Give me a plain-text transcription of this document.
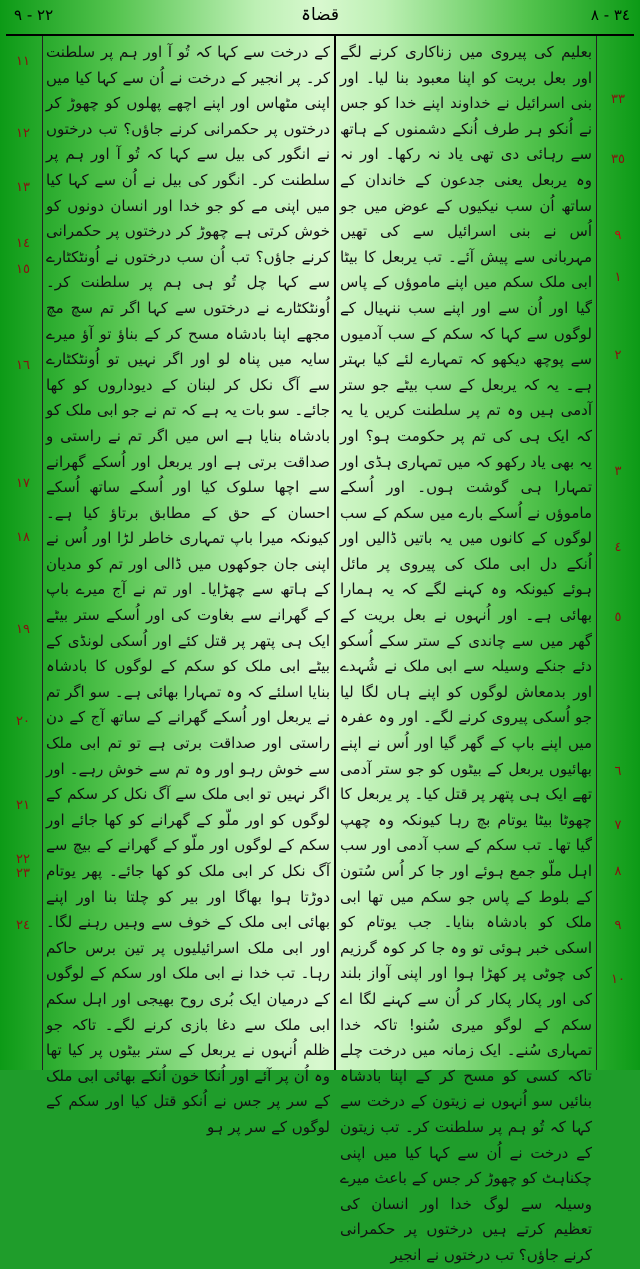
٢٢ - ٩	قضاۃ	٣٤ - ٨
١١
١٢
١٣
١٤
١٥
١٦
١٧
١٨
١٩
٢٠
٢١
٢٢
٢٣
٢٤
٣٣
٣٥
٩
١
٢
٣
٤
٥
٦
٧
٨
٩
١٠

کے درخت سے کہا کہ تُو آ اور ہم پر سلطنت کر۔ پر انجیر کے درخت نے اُن سے کہا کیا میں اپنی مٹھاس اور اپنے اچھے پھلوں کو چھوڑ کر درختوں پر حکمرانی کرنے جاؤں؟ تب درختوں نے انگور کی بیل سے کہا کہ تُو آ اور ہم پر سلطنت کر۔ انگور کی بیل نے اُن سے کہا کیا میں اپنی مے کو جو خدا اور انسان دونوں کو خوش کرتی ہے چھوڑ کر درختوں پر حکمرانی کرنے جاؤں؟ تب اُن سب درختوں نے اُونٹکٹارے سے کہا چل تُو ہی ہم پر سلطنت کر۔ اُونٹکٹارے نے درختوں سے کہا اگر تم سچ مچ مجھے اپنا بادشاہ مسح کر کے بناؤ تو آؤ میرے سایہ میں پناہ لو اور اگر نہیں تو اُونٹکٹارے سے آگ نکل کر لبنان کے دیوداروں کو کھا جائے۔ سو بات یہ ہے کہ تم نے جو ابی ملک کو بادشاہ بنایا ہے اس میں اگر تم نے راستی و صداقت برتی ہے اور یربعل اور اُسکے گھرانے سے اچھا سلوک کیا اور اُسکے ساتھ اُسکے احسان کے حق کے مطابق برتاؤ کیا ہے۔ کیونکہ میرا باپ تمہاری خاطر لڑا اور اُس نے اپنی جان جوکھوں میں ڈالی اور تم کو مدیان کے ہاتھ سے چھڑایا۔ اور تم نے آج میرے باپ کے گھرانے سے بغاوت کی اور اُسکے ستر بیٹے ایک ہی پتھر پر قتل کئے اور اُسکی لونڈی کے بیٹے ابی ملک کو سکم کے لوگوں کا بادشاہ بنایا اسلئے کہ وہ تمہارا بھائی ہے۔ سو اگر تم نے یربعل اور اُسکے گھرانے کے ساتھ آج کے دن راستی اور صداقت برتی ہے تو تم ابی ملک سے خوش رہو اور وہ تم سے خوش رہے۔ اور اگر نہیں تو ابی ملک سے آگ نکل کر سکم کے لوگوں کو اور ملّو کے گھرانے کو کھا جائے اور سکم کے لوگوں اور ملّو کے گھرانے کے بیچ سے آگ نکل کر ابی ملک کو کھا جائے۔ پھر یوتام دوڑتا ہوا بھاگا اور بیر کو چلتا بنا اور اپنے بھائی ابی ملک کے خوف سے وہیں رہنے لگا۔ اور ابی ملک اسرائیلیوں پر تین برس حاکم رہا۔ تب خدا نے ابی ملک اور سکم کے لوگوں کے درمیان ایک بُری روح بھیجی اور اہل سکم ابی ملک سے دغا بازی کرنے لگے۔ تاکہ جو ظلم اُنہوں نے یربعل کے ستر بیٹوں پر کیا تھا وہ اُن پر آئے اور اُنکا خون اُنکے بھائی ابی ملک کے سر پر جس نے اُنکو قتل کیا اور سکم کے لوگوں کے سر پر ہو

بعلیم کی پیروی میں زناکاری کرنے لگے اور بعل بریت کو اپنا معبود بنا لیا۔ اور بنی اسرائیل نے خداوند اپنے خدا کو جس نے اُنکو ہر طرف اُنکے دشمنوں کے ہاتھ سے رہائی دی تھی یاد نہ رکھا۔ اور نہ وہ یربعل یعنی جدعون کے خاندان کے ساتھ اُن سب نیکیوں کے عوض میں جو اُس نے بنی اسرائیل سے کی تھیں مہربانی سے پیش آئے۔ تب یربعل کا بیٹا ابی ملک سکم میں اپنے ماموؤں کے پاس گیا اور اُن سے اور اپنے سب ننہیال کے لوگوں سے کہا کہ سکم کے سب آدمیوں سے پوچھ دیکھو کہ تمہارے لئے کیا بہتر ہے۔ یہ کہ یربعل کے سب بیٹے جو ستر آدمی ہیں وہ تم پر سلطنت کریں یا یہ کہ ایک ہی کی تم پر حکومت ہو؟ اور یہ بھی یاد رکھو کہ میں تمہاری ہڈی اور تمہارا ہی گوشت ہوں۔ اور اُسکے ماموؤں نے اُسکے بارے میں سکم کے سب لوگوں کے کانوں میں یہ باتیں ڈالیں اور اُنکے دل ابی ملک کی پیروی پر مائل ہوئے کیونکہ وہ کہنے لگے کہ یہ ہمارا بھائی ہے۔ اور اُنہوں نے بعل بریت کے گھر میں سے چاندی کے ستر سکے اُسکو دئے جنکے وسیلہ سے ابی ملک نے شُہدے اور بدمعاش لوگوں کو اپنے ہاں لگا لیا جو اُسکی پیروی کرنے لگے۔ اور وہ عفرہ میں اپنے باپ کے گھر گیا اور اُس نے اپنے بھائیوں یربعل کے بیٹوں کو جو ستر آدمی تھے ایک ہی پتھر پر قتل کیا۔ پر یربعل کا چھوٹا بیٹا یوتام بچ رہا کیونکہ وہ چھپ گیا تھا۔ تب سکم کے سب آدمی اور سب اہل ملّو جمع ہوئے اور جا کر اُس سُتون کے بلوط کے پاس جو سکم میں تھا ابی ملک کو بادشاہ بنایا۔ جب یوتام کو اسکی خبر ہوئی تو وہ جا کر کوہ گرزیم کی چوٹی پر کھڑا ہوا اور اپنی آواز بلند کی اور پکار پکار کر اُن سے کہنے لگا اے سکم کے لوگو میری سُنو! تاکہ خدا تمہاری سُنے۔ ایک زمانہ میں درخت چلے تاکہ کسی کو مسح کر کے اپنا بادشاہ بنائیں سو اُنہوں نے زیتون کے درخت سے کہا کہ تُو ہم پر سلطنت کر۔ تب زیتون کے درخت نے اُن سے کہا کیا میں اپنی چکناہٹ کو چھوڑ کر جس کے باعث میرے وسیلہ سے لوگ خدا اور انسان کی تعظیم کرتے ہیں درختوں پر حکمرانی کرنے جاؤں؟ تب درختوں نے انجیر
